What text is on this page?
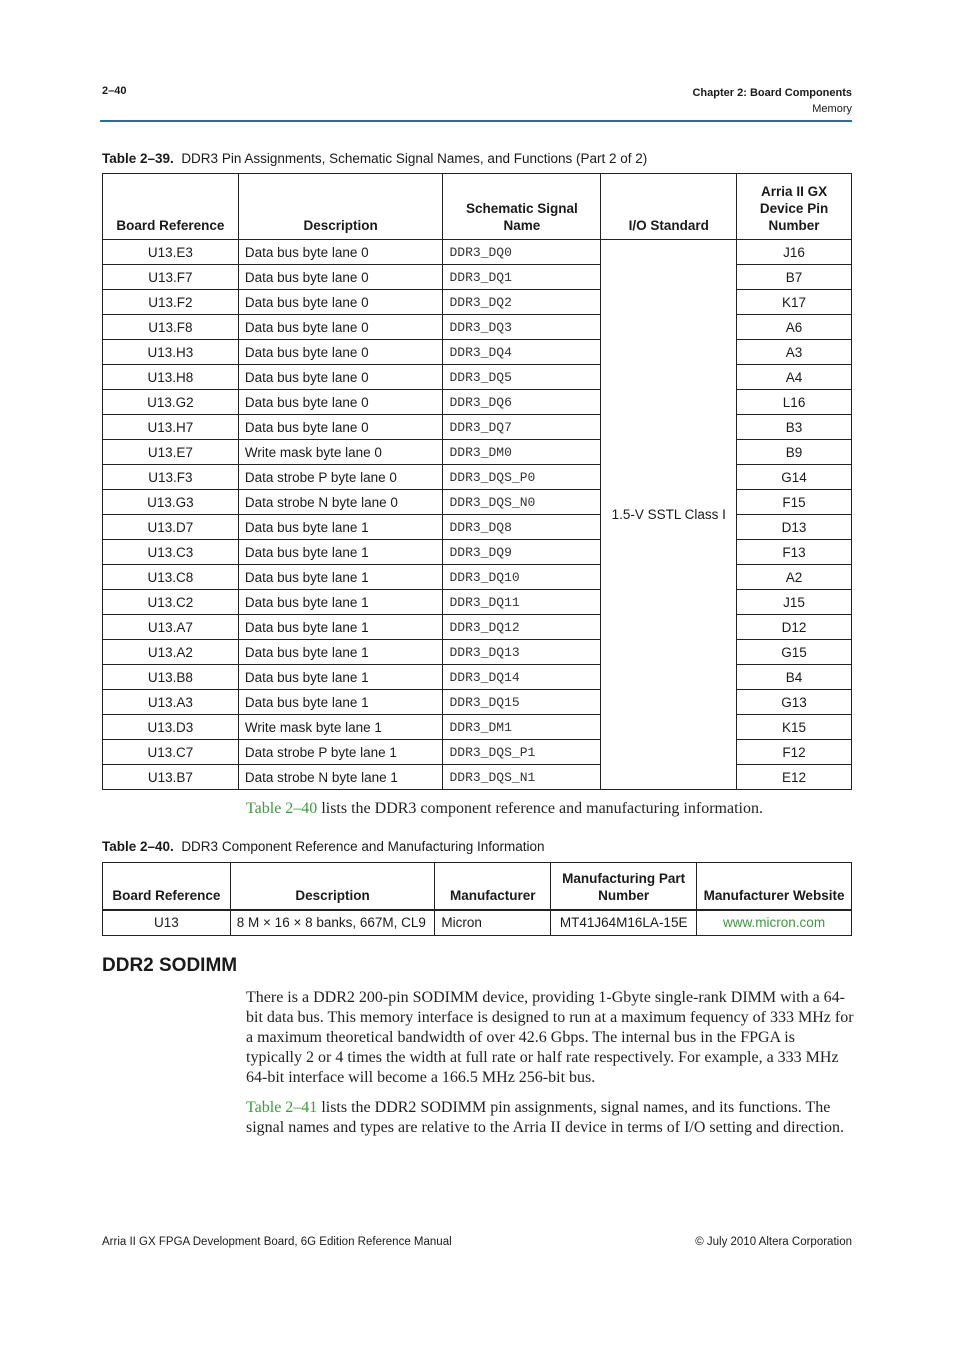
2–40	Chapter 2: Board Components
Memory
Table 2–39. DDR3 Pin Assignments, Schematic Signal Names, and Functions (Part 2 of 2)
Board Reference	Description	Schematic Signal Name	I/O Standard	Arria II GX Device Pin Number
U13.E3	Data bus byte lane 0	DDR3_DQ0	1.5-V SSTL Class I	J16
U13.F7	Data bus byte lane 0	DDR3_DQ1		B7
U13.F2	Data bus byte lane 0	DDR3_DQ2		K17
U13.F8	Data bus byte lane 0	DDR3_DQ3		A6
U13.H3	Data bus byte lane 0	DDR3_DQ4		A3
U13.H8	Data bus byte lane 0	DDR3_DQ5		A4
U13.G2	Data bus byte lane 0	DDR3_DQ6		L16
U13.H7	Data bus byte lane 0	DDR3_DQ7		B3
U13.E7	Write mask byte lane 0	DDR3_DM0		B9
U13.F3	Data strobe P byte lane 0	DDR3_DQS_P0		G14
U13.G3	Data strobe N byte lane 0	DDR3_DQS_N0		F15
U13.D7	Data bus byte lane 1	DDR3_DQ8		D13
U13.C3	Data bus byte lane 1	DDR3_DQ9		F13
U13.C8	Data bus byte lane 1	DDR3_DQ10		A2
U13.C2	Data bus byte lane 1	DDR3_DQ11		J15
U13.A7	Data bus byte lane 1	DDR3_DQ12		D12
U13.A2	Data bus byte lane 1	DDR3_DQ13		G15
U13.B8	Data bus byte lane 1	DDR3_DQ14		B4
U13.A3	Data bus byte lane 1	DDR3_DQ15		G13
U13.D3	Write mask byte lane 1	DDR3_DM1		K15
U13.C7	Data strobe P byte lane 1	DDR3_DQS_P1		F12
U13.B7	Data strobe N byte lane 1	DDR3_DQS_N1		E12
Table 2–40 lists the DDR3 component reference and manufacturing information.
Table 2–40. DDR3 Component Reference and Manufacturing Information
Board Reference	Description	Manufacturer	Manufacturing Part Number	Manufacturer Website
U13	8 M × 16 × 8 banks, 667M, CL9	Micron	MT41J64M16LA-15E	www.micron.com
DDR2 SODIMM
There is a DDR2 200-pin SODIMM device, providing 1-Gbyte single-rank DIMM with a 64-bit data bus. This memory interface is designed to run at a maximum fequency of 333 MHz for a maximum theoretical bandwidth of over 42.6 Gbps. The internal bus in the FPGA is typically 2 or 4 times the width at full rate or half rate respectively. For example, a 333 MHz 64-bit interface will become a 166.5 MHz 256-bit bus.
Table 2–41 lists the DDR2 SODIMM pin assignments, signal names, and its functions. The signal names and types are relative to the Arria II device in terms of I/O setting and direction.
Arria II GX FPGA Development Board, 6G Edition Reference Manual	© July 2010 Altera Corporation
